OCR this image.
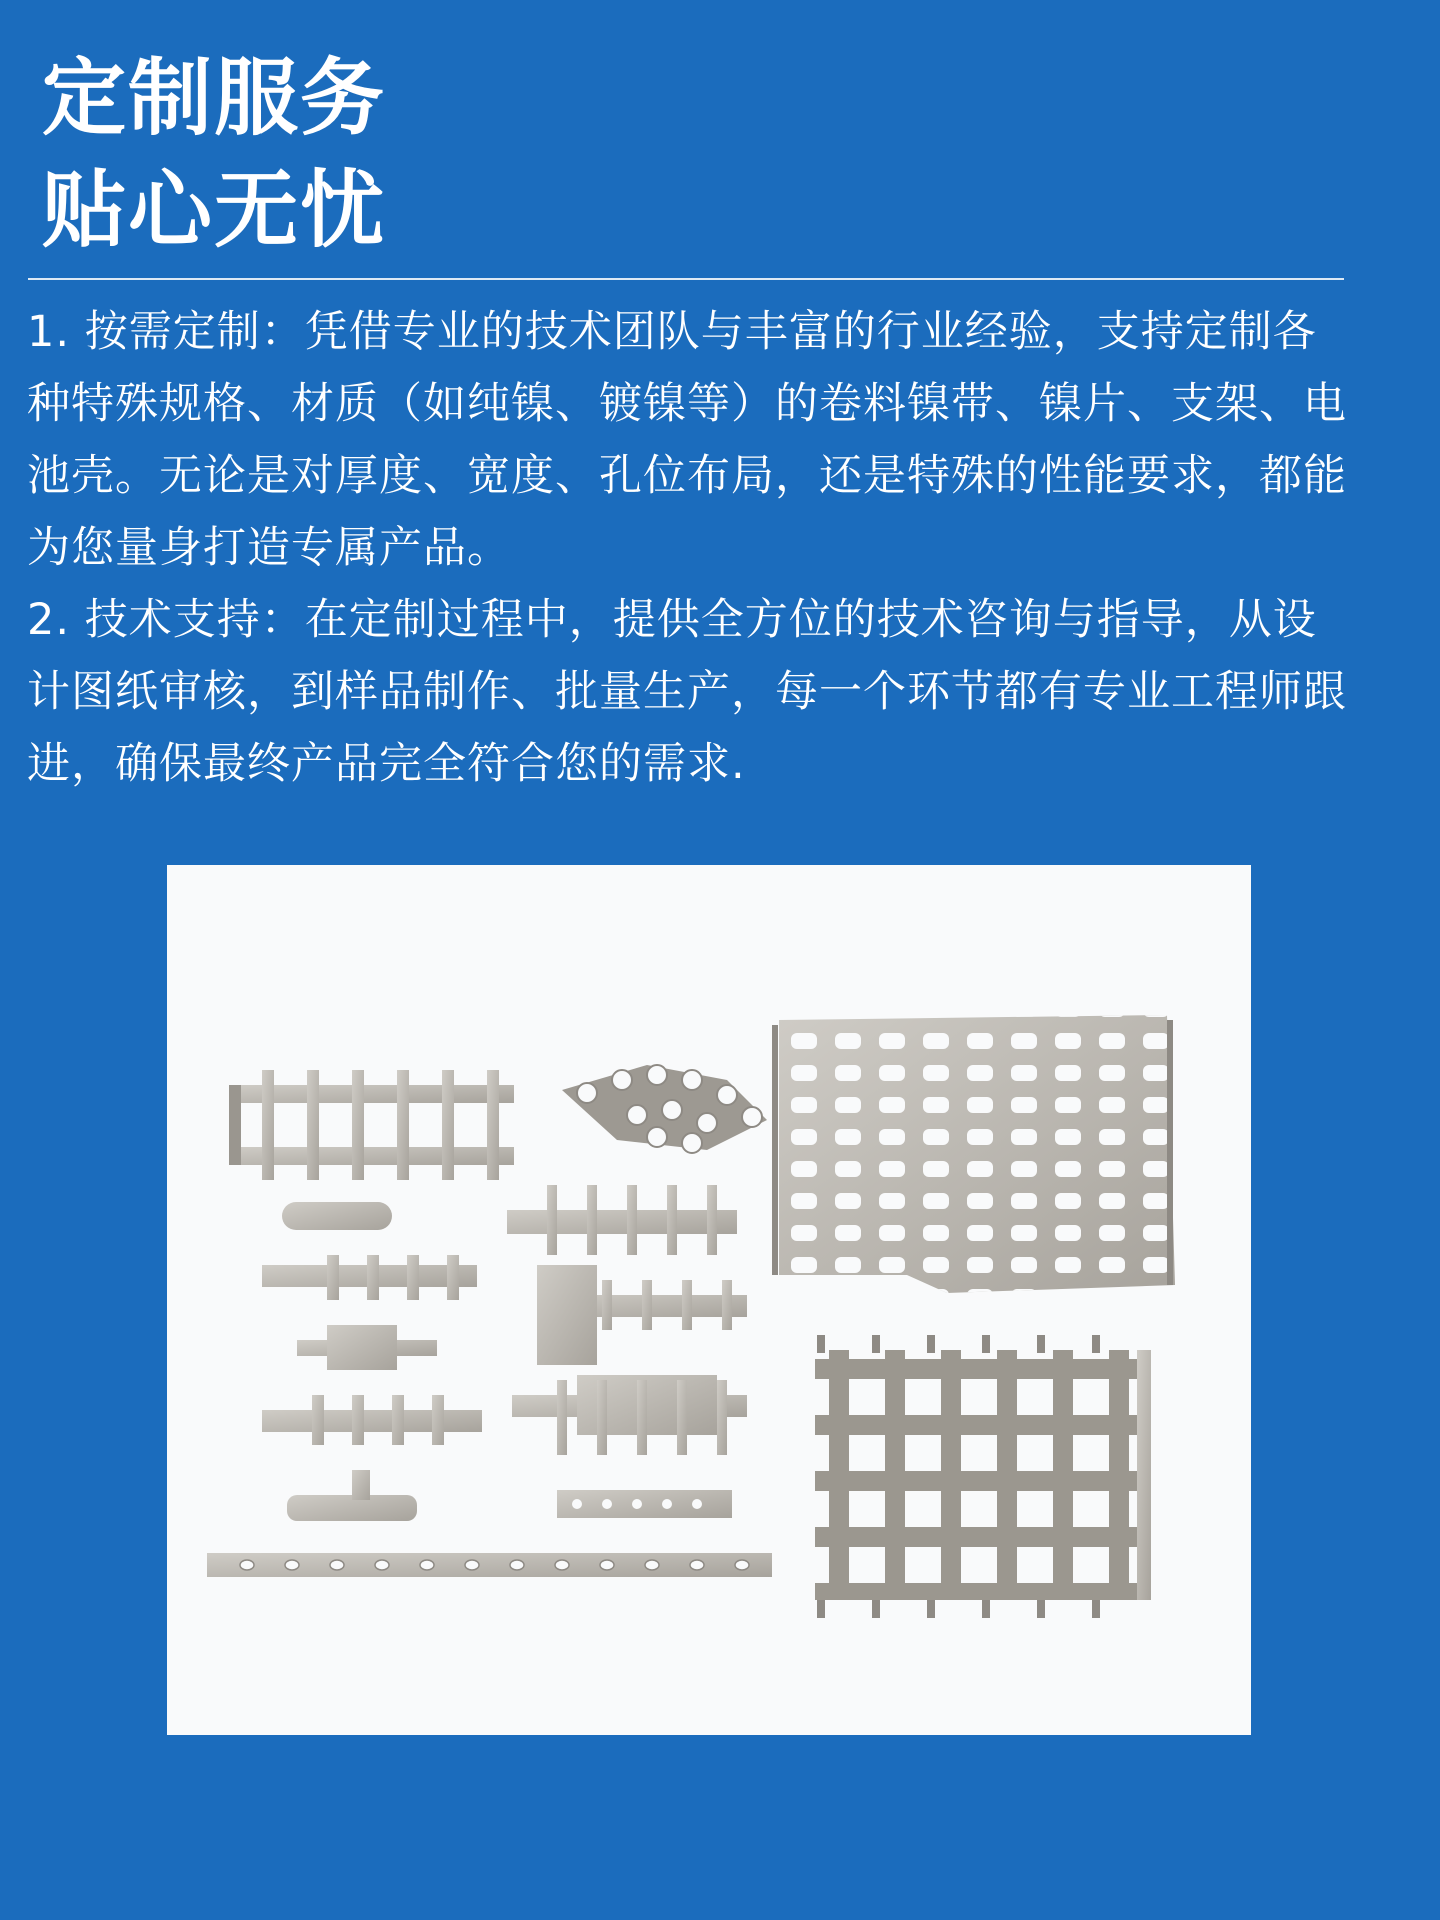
定制服务
贴心无忧

1. 按需定制：凭借专业的技术团队与丰富的行业经验，支持定制各种特殊规格、材质（如纯镍、镀镍等）的卷料镍带、镍片、支架、电池壳。无论是对厚度、宽度、孔位布局，还是特殊的性能要求，都能为您量身打造专属产品。

2. 技术支持：在定制过程中，提供全方位的技术咨询与指导，从设计图纸审核，到样品制作、批量生产，每一个环节都有专业工程师跟进，确保最终产品完全符合您的需求.
